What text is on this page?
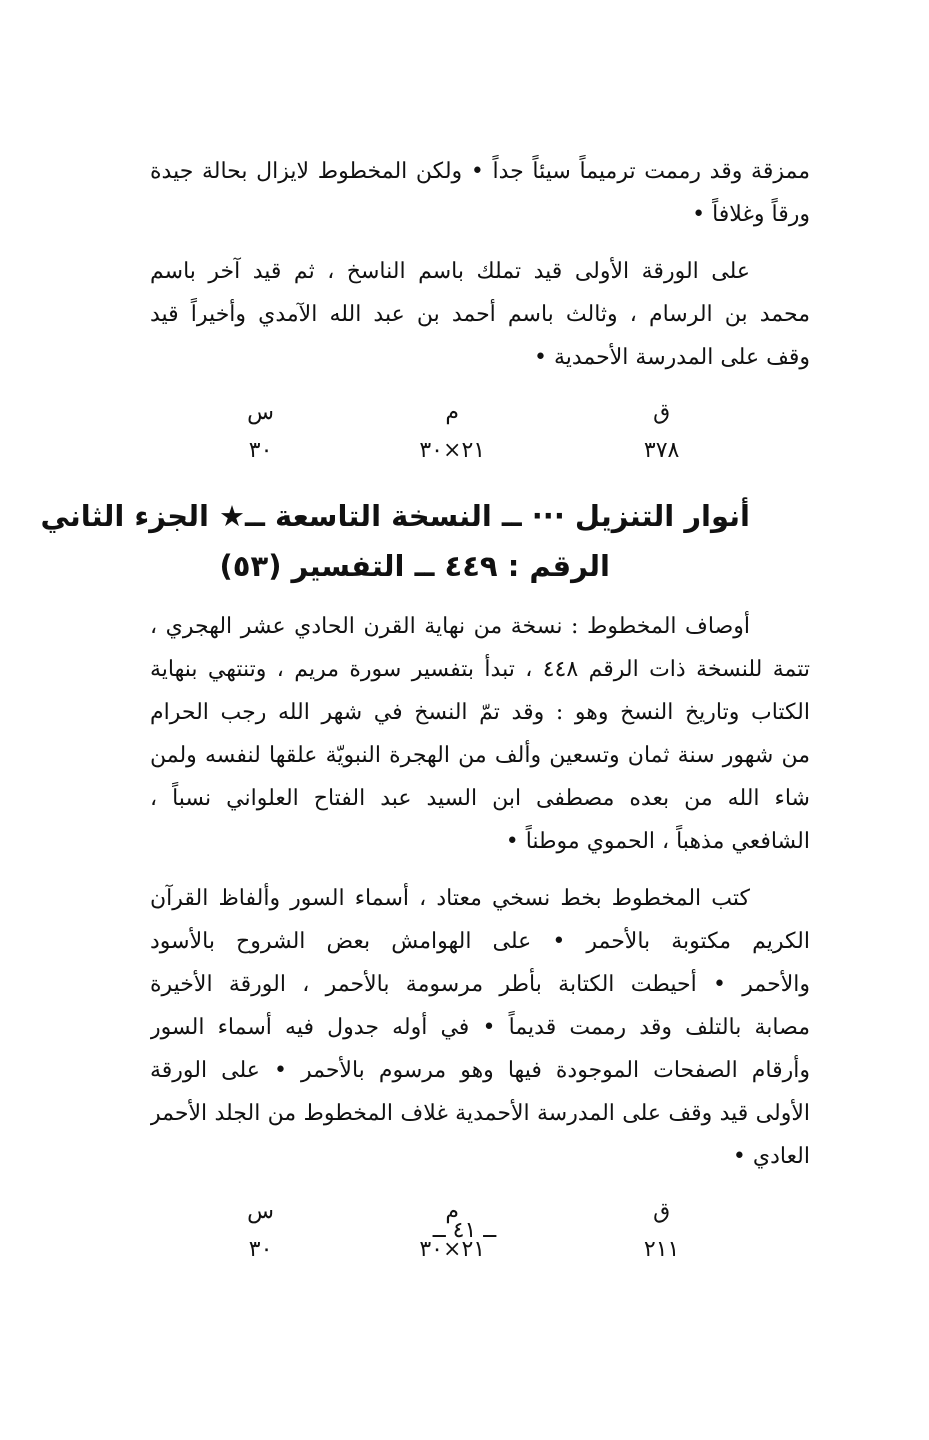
ممزقة وقد رممت ترميماً سيئاً جداً • ولكن المخطوط لايزال بحالة جيدة
ورقاً وغلافاً •
على الورقة الأولى قيد تملك باسم الناسخ ، ثم قيد آخر باسم
محمد بن الرسام ، وثالث باسم أحمد بن عبد الله الآمدي وأخيراً قيد
وقف على المدرسة الأحمدية •
ق	م	س
٣٧٨	٢١×٣٠	٣٠
أنوار التنزيل ··· ــ النسخة التاسعة ــ★ الجزء الثاني
الرقم : ٤٤٩ ــ التفسير (٥٣)
أوصاف المخطوط : نسخة من نهاية القرن الحادي عشر الهجري ،
تتمة للنسخة ذات الرقم ٤٤٨ ، تبدأ بتفسير سورة مريم ، وتنتهي بنهاية
الكتاب وتاريخ النسخ وهو : وقد تمّ النسخ في شهر الله رجب الحرام
من شهور سنة ثمان وتسعين وألف من الهجرة النبويّة علقها لنفسه ولمن
شاء الله من بعده مصطفى ابن السيد عبد الفتاح العلواني نسباً ،
الشافعي مذهباً ، الحموي موطناً •
كتب المخطوط بخط نسخي معتاد ، أسماء السور وألفاظ القرآن
الكريم مكتوبة بالأحمر • على الهوامش بعض الشروح بالأسود
والأحمر • أحيطت الكتابة بأطر مرسومة بالأحمر ، الورقة الأخيرة
مصابة بالتلف وقد رممت قديماً • في أوله جدول فيه أسماء السور
وأرقام الصفحات الموجودة فيها وهو مرسوم بالأحمر • على الورقة
الأولى قيد وقف على المدرسة الأحمدية غلاف المخطوط من الجلد الأحمر
العادي •
ق	م	س
٢١١	٢١×٣٠	٣٠
ــ ٤١ ــ
